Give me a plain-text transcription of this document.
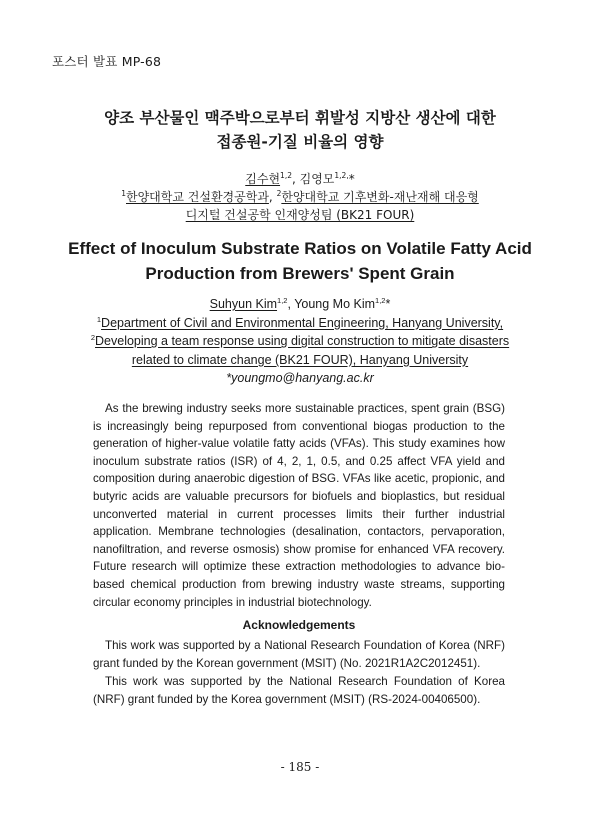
포스터 발표 MP-68
양조 부산물인 맥주박으로부터 휘발성 지방산 생산에 대한
접종원-기질 비율의 영향
김수현$^{1,2}$, 김영모$^{1,2,}$*
$^1$한양대학교 건설환경공학과, $^2$한양대학교 기후변화-재난재해 대응형
디지털 건설공학 인재양성팀 (BK21 FOUR)
Effect of Inoculum Substrate Ratios on Volatile Fatty Acid
Production from Brewers' Spent Grain
Suhyun Kim$^{1,2}$, Young Mo Kim$^{1,2}$*
$^1$Department of Civil and Environmental Engineering, Hanyang University,
$^2$Developing a team response using digital construction to mitigate disasters
related to climate change (BK21 FOUR), Hanyang University
*youngmo@hanyang.ac.kr

As the brewing industry seeks more sustainable practices, spent grain (BSG) is increasingly being repurposed from conventional biogas production to the generation of higher-value volatile fatty acids (VFAs). This study examines how inoculum substrate ratios (ISR) of 4, 2, 1, 0.5, and 0.25 affect VFA yield and composition during anaerobic digestion of BSG. VFAs like acetic, propionic, and butyric acids are valuable precursors for biofuels and bioplastics, but residual unconverted material in current processes limits their further industrial application. Membrane technologies (desalination, contactors, pervaporation, nanofiltration, and reverse osmosis) show promise for enhanced VFA recovery. Future research will optimize these extraction methodologies to advance bio-based chemical production from brewing industry waste streams, supporting circular economy principles in industrial biotechnology.

Acknowledgements

This work was supported by a National Research Foundation of Korea (NRF) grant funded by the Korean government (MSIT) (No. 2021R1A2C2012451).

This work was supported by the National Research Foundation of Korea (NRF) grant funded by the Korea government (MSIT) (RS-2024-00406500).

- 185 -
